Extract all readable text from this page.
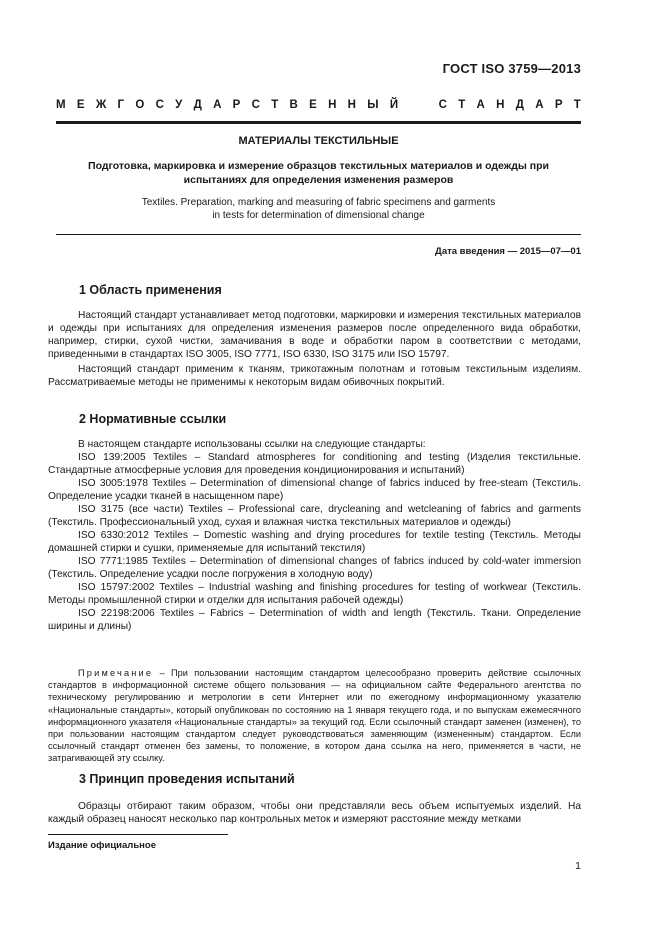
ГОСТ ISO 3759—2013
М Е Ж Г О С У Д А Р С Т В Е Н Н Ы Й	С Т А Н Д А Р Т
МАТЕРИАЛЫ ТЕКСТИЛЬНЫЕ
Подготовка, маркировка и измерение образцов текстильных материалов и одежды при
испытаниях для определения изменения размеров
Textiles. Preparation, marking and measuring of fabric specimens and garments
in tests for determination of dimensional change
Дата введения — 2015—07—01
1 Область применения

Настоящий стандарт устанавливает метод подготовки, маркировки и измерения текстильных материалов и одежды при испытаниях для определения изменения размеров после определенного вида обработки, например, стирки, сухой чистки, замачивания в воде и обработки паром в соответствии с методами, приведенными в стандартах ISO 3005, ISO 7771, ISO 6330, ISO 3175 или ISO 15797.

Настоящий стандарт применим к тканям, трикотажным полотнам и готовым текстильным изделиям. Рассматриваемые методы не применимы к некоторым видам обивочных покрытий.

2 Нормативные ссылки

В настоящем стандарте использованы ссылки на следующие стандарты:

ISO 139:2005 Textiles – Standard atmospheres for conditioning and testing (Изделия текстильные. Стандартные атмосферные условия для проведения кондиционирования и испытаний)

ISO 3005:1978 Textiles – Determination of dimensional change of fabrics induced by free-steam (Текстиль. Определение усадки тканей в насыщенном паре)

ISO 3175 (все части) Textiles – Professional care, drycleaning and wetcleaning of fabrics and garments (Текстиль. Профессиональный уход, сухая и влажная чистка текстильных материалов и одежды)

ISO 6330:2012 Textiles – Domestic washing and drying procedures for textile testing (Текстиль. Методы домашней стирки и сушки, применяемые для испытаний текстиля)

ISO 7771:1985 Textiles – Determination of dimensional changes of fabrics induced by cold-water immersion (Текстиль. Определение усадки после погружения в холодную воду)

ISO 15797:2002 Textiles – Industrial washing and finishing procedures for testing of workwear (Текстиль. Методы промышленной стирки и отделки для испытания рабочей одежды)

ISO 22198:2006 Textiles – Fabrics – Determination of width and length (Текстиль. Ткани. Определение ширины и длины)

Примечание – При пользовании настоящим стандартом целесообразно проверить действие ссылочных стандартов в информационной системе общего пользования — на официальном сайте Федерального агентства по техническому регулированию и метрологии в сети Интернет или по ежегодному информационному указателю «Национальные стандарты», который опубликован по состоянию на 1 января текущего года, и по выпускам ежемесячного информационного указателя «Национальные стандарты» за текущий год. Если ссылочный стандарт заменен (изменен), то при пользовании настоящим стандартом следует руководствоваться заменяющим (измененным) стандартом. Если ссылочный стандарт отменен без замены, то положение, в котором дана ссылка на него, применяется в части, не затрагивающей эту ссылку.
3 Принцип проведения испытаний

Образцы отбирают таким образом, чтобы они представляли весь объем испытуемых изделий. На каждый образец наносят несколько пар контрольных меток и измеряют расстояние между метками

Издание официальное
1
